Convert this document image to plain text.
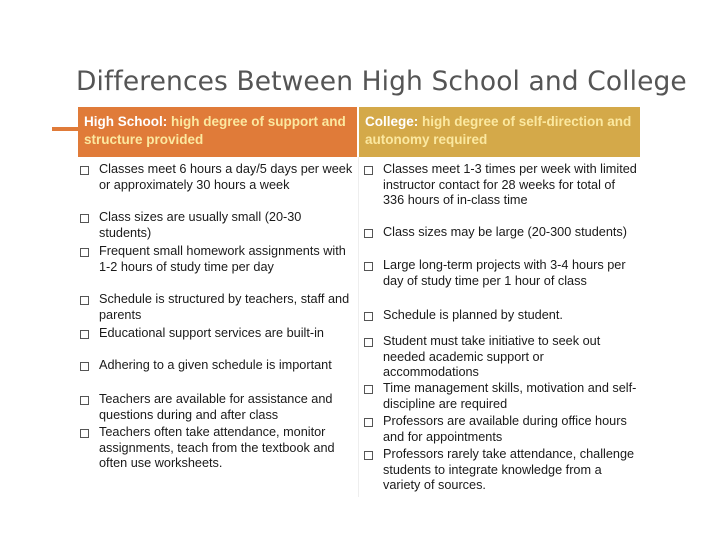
Differences Between High School and College
High School: high degree of support and structure provided
College: high degree of self-direction and autonomy required
Classes meet 6 hours a day/5 days per week or approximately 30 hours a week
Class sizes are usually small (20-30 students)
Frequent small homework assignments with 1-2 hours of study time per day
Schedule is structured by teachers, staff and parents
Educational support services are built-in
Adhering to a given schedule is important
Teachers are available for assistance and questions during and after class
Teachers often take attendance, monitor assignments, teach from the textbook and often use worksheets.
Classes meet 1-3 times per week with limited instructor contact for 28 weeks for total of 336 hours of in-class time
Class sizes may be large (20-300 students)
Large long-term projects with 3-4 hours per day of study time per 1 hour of class
Schedule is planned by student.
Student must take initiative to seek out needed academic support or accommodations
Time management skills, motivation and self-discipline are required
Professors are available during office hours and for appointments
Professors rarely take attendance, challenge students to integrate knowledge from a variety of sources.
